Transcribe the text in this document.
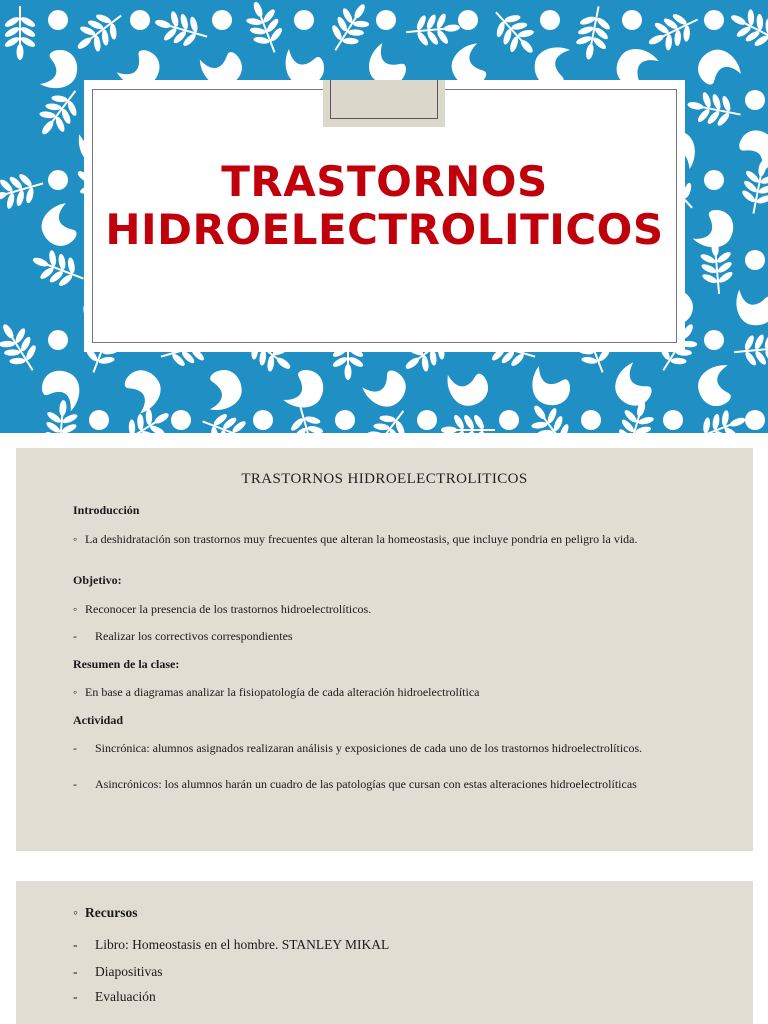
TRASTORNOS
HIDROELECTROLITICOS
TRASTORNOS HIDROELECTROLITICOS
Introducción
◦ La deshidratación son trastornos muy frecuentes que alteran la homeostasis, que incluye pondria en peligro la vida.
Objetivo:
◦ Reconocer la presencia de los trastornos hidroelectrolíticos.
-	Realizar los correctivos correspondientes
Resumen de la clase:
◦ En base a diagramas analizar la fisiopatología de cada alteración hidroelectrolítica
Actividad
-	Sincrónica: alumnos asignados realizaran análisis y exposiciones de cada uno de los trastornos hidroelectrolíticos.
-	Asincrónicos: los alumnos harán un cuadro de las patologías que cursan con estas alteraciones hidroelectrolíticas
◦ Recursos
-	Libro: Homeostasis en el hombre. STANLEY MIKAL
-	Diapositivas
-	Evaluación
